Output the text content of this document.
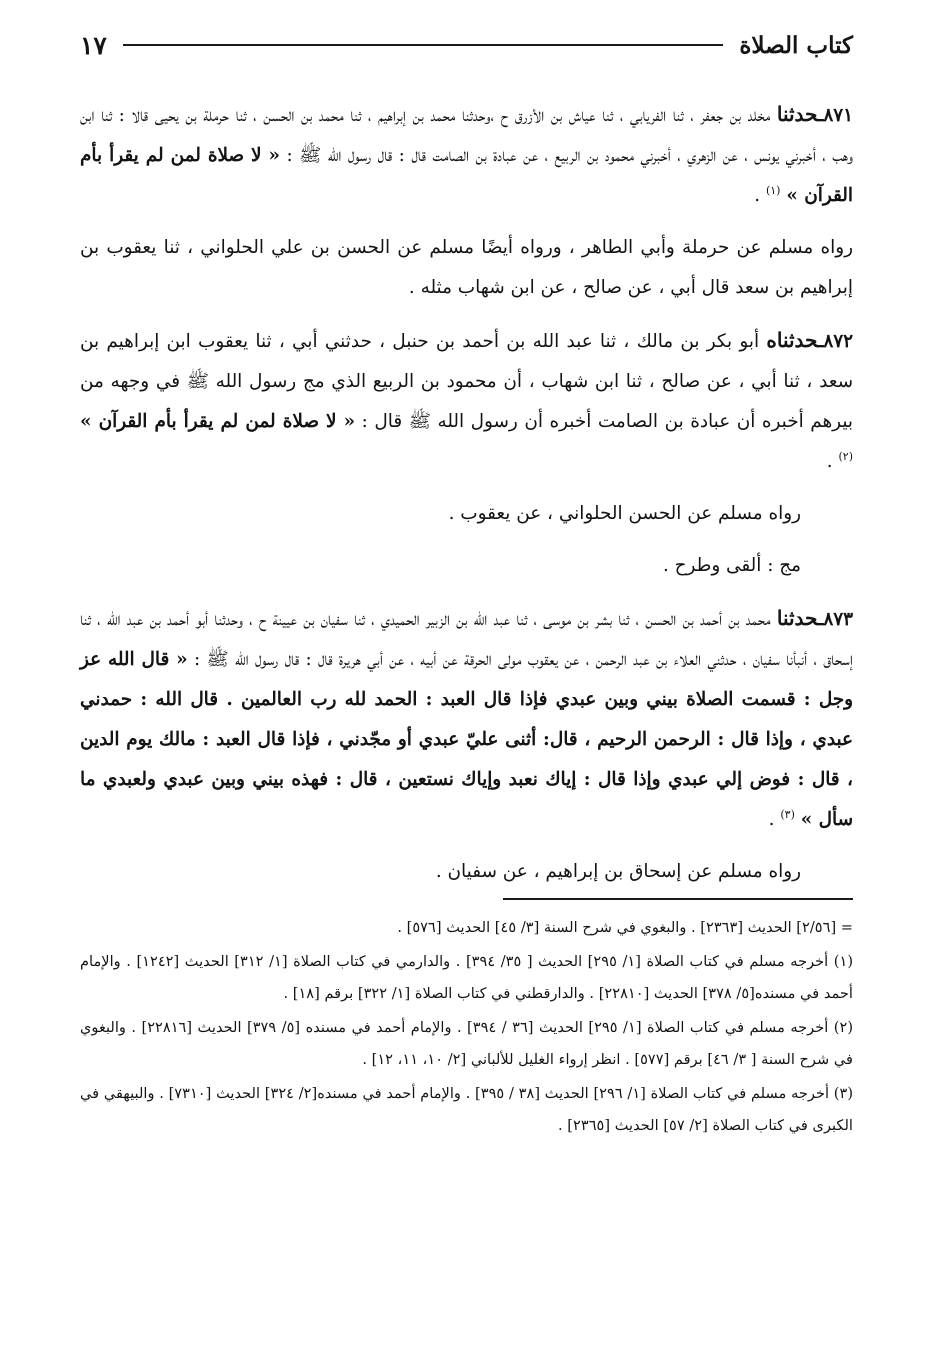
كتاب الصلاة
١٧

٨٧١ـحدثنا مخلد بن جعفر ، ثنا الفريابي ، ثنا عياش بن الأزرق ح ،وحدثنا محمد بن إبراهيم ، ثنا محمد بن الحسن ، ثنا حرملة بن يحيى قالا : ثنا ابن وهب ، أخبرني يونس ، عن الزهري ، أخبرني محمود بن الربيع ، عن عبادة بن الصامت قال : قال رسول الله ﷺ : « لا صلاة لمن لم يقرأ بأم القرآن » $^{(١)}$ .

رواه مسلم عن حرملة وأبي الطاهر ، ورواه أيضًا مسلم عن الحسن بن علي الحلواني ، ثنا يعقوب بن إبراهيم بن سعد قال أبي ، عن صالح ، عن ابن شهاب مثله .

٨٧٢ـحدثناه أبو بكر بن مالك ، ثنا عبد الله بن أحمد بن حنبل ، حدثني أبي ، ثنا يعقوب ابن إبراهيم بن سعد ، ثنا أبي ، عن صالح ، ثنا ابن شهاب ، أن محمود بن الربيع الذي مج رسول الله ﷺ في وجهه من بيرهم أخبره أن عبادة بن الصامت أخبره أن رسول الله ﷺ قال : « لا صلاة لمن لم يقرأ بأم القرآن » $^{(٢)}$ .

رواه مسلم عن الحسن الحلواني ، عن يعقوب .

مج : ألقى وطرح .

٨٧٣ـحدثنا محمد بن أحمد بن الحسن ، ثنا بشر بن موسى ، ثنا عبد الله بن الزبير الحميدي ، ثنا سفيان بن عيينة ح ، وحدثنا أبو أحمد بن عبد الله ، ثنا إسحاق ، أنبأنا سفيان ، حدثني العلاء بن عبد الرحمن ، عن يعقوب مولى الحرقة عن أبيه ، عن أبي هريرة قال : قال رسول الله ﷺ : « قال الله عز وجل : قسمت الصلاة بيني وبين عبدي فإذا قال العبد : الحمد لله رب العالمين . قال الله : حمدني عبدي ، وإذا قال : الرحمن الرحيم ، قال: أثنى عليّ عبدي أو مجّدني ، فإذا قال العبد : مالك يوم الدين ، قال : فوض إلي عبدي وإذا قال : إياك نعبد وإياك نستعين ، قال : فهذه بيني وبين عبدي ولعبدي ما سأل » $^{(٣)}$ .

رواه مسلم عن إسحاق بن إبراهيم ، عن سفيان .

= [٢/٥٦] الحديث [٢٣٦٣] . والبغوي في شرح السنة [٣/ ٤٥] الحديث [٥٧٦] .

(١) أخرجه مسلم في كتاب الصلاة [١/ ٢٩٥] الحديث [ ٣٥/ ٣٩٤] . والدارمي في كتاب الصلاة [١/ ٣١٢] الحديث [١٢٤٢] . والإمام أحمد في مسنده[٥/ ٣٧٨] الحديث [٢٢٨١٠] . والدارقطني في كتاب الصلاة [١/ ٣٢٢] برقم [١٨] .

(٢) أخرجه مسلم في كتاب الصلاة [١/ ٢٩٥] الحديث [٣٦ / ٣٩٤] . والإمام أحمد في مسنده [٥/ ٣٧٩] الحديث [٢٢٨١٦] . والبغوي في شرح السنة [ ٣/ ٤٦] برقم [٥٧٧] . انظر إرواء الغليل للألباني [٢/ ١٠، ١١، ١٢] .

(٣) أخرجه مسلم في كتاب الصلاة [١/ ٢٩٦] الحديث [٣٨ / ٣٩٥] . والإمام أحمد في مسنده[٢/ ٣٢٤] الحديث [٧٣١٠] . والبيهقي في الكبرى في كتاب الصلاة [٢/ ٥٧] الحديث [٢٣٦٥] .
